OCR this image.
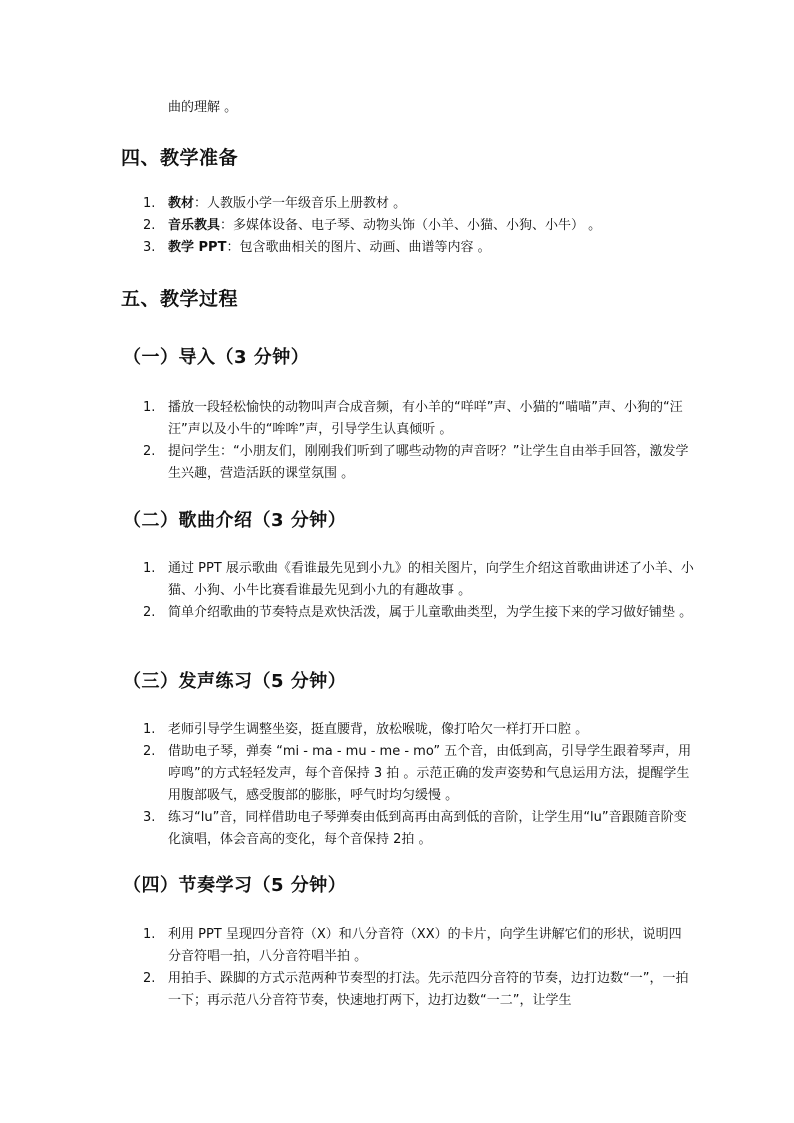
曲的理解 。
四、教学准备
1. 教材：人教版小学一年级音乐上册教材 。
2. 音乐教具：多媒体设备、电子琴、动物头饰（小羊、小猫、小狗、小牛） 。
3. 教学 PPT：包含歌曲相关的图片、动画、曲谱等内容 。
五、教学过程
（一）导入（3 分钟）
1. 播放一段轻松愉快的动物叫声合成音频，有小羊的“咩咩”声、小猫的“喵喵”声、小狗的“汪汪”声以及小牛的“哞哞”声，引导学生认真倾听 。
2. 提问学生：“小朋友们，刚刚我们听到了哪些动物的声音呀？”让学生自由举手回答，激发学生兴趣，营造活跃的课堂氛围 。
（二）歌曲介绍（3 分钟）
1. 通过 PPT 展示歌曲《看谁最先见到小九》的相关图片，向学生介绍这首歌曲讲述了小羊、小猫、小狗、小牛比赛看谁最先见到小九的有趣故事 。
2. 简单介绍歌曲的节奏特点是欢快活泼，属于儿童歌曲类型，为学生接下来的学习做好铺垫 。
（三）发声练习（5 分钟）
1. 老师引导学生调整坐姿，挺直腰背，放松喉咙，像打哈欠一样打开口腔 。
2. 借助电子琴，弹奏 “mi - ma - mu - me - mo” 五个音，由低到高，引导学生跟着琴声，用哼鸣”的方式轻轻发声，每个音保持 3 拍 。示范正确的发声姿势和气息运用方法，提醒学生用腹部吸气，感受腹部的膨胀，呼气时均匀缓慢 。
3. 练习“lu”音，同样借助电子琴弹奏由低到高再由高到低的音阶，让学生用“lu”音跟随音阶变化演唱，体会音高的变化，每个音保持 2拍 。
（四）节奏学习（5 分钟）
1. 利用 PPT 呈现四分音符（X）和八分音符（XX）的卡片，向学生讲解它们的形状，说明四分音符唱一拍，八分音符唱半拍 。
2. 用拍手、跺脚的方式示范两种节奏型的打法。先示范四分音符的节奏，边打边数“一”，一拍一下；再示范八分音符节奏，快速地打两下，边打边数“一二”，让学生
